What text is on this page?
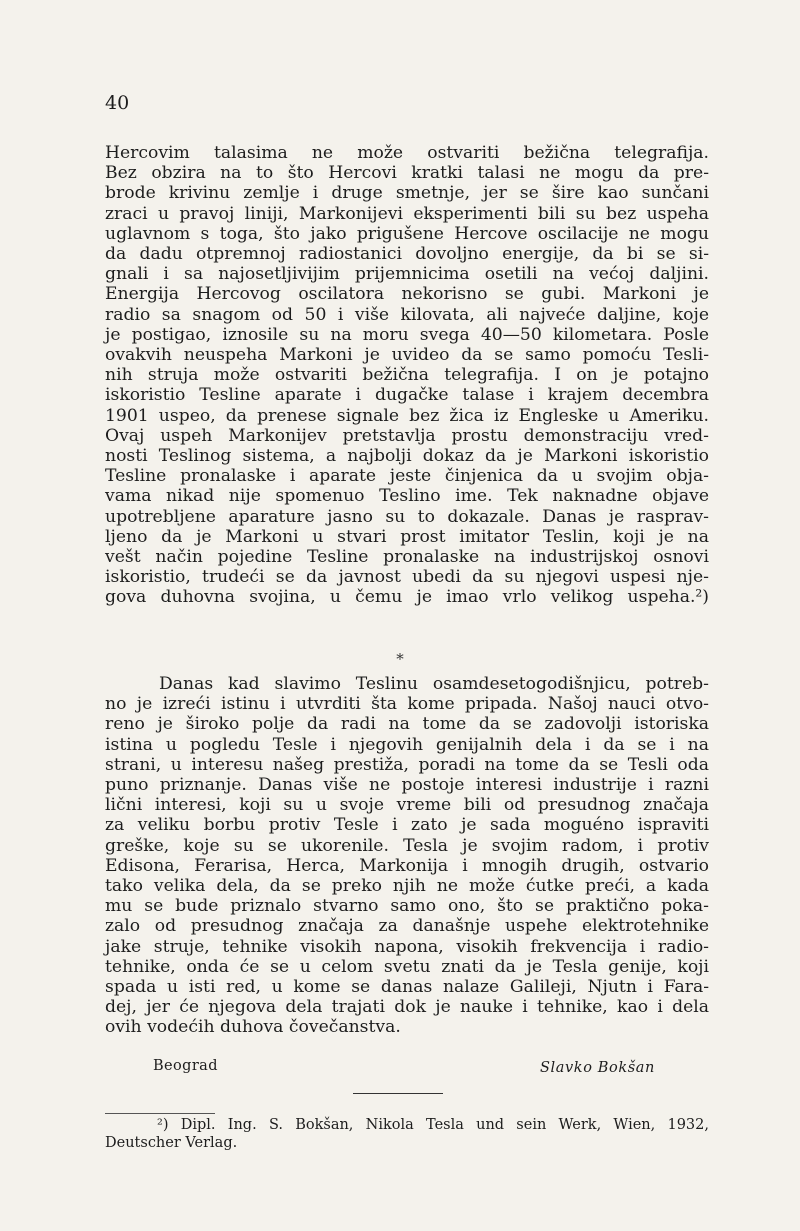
40
Hercovim talasima ne može ostvariti bežična telegrafija.
Bez obzira na to što Hercovi kratki talasi ne mogu da pre-
brode krivinu zemlje i druge smetnje, jer se šire kao sunčani
zraci u pravoj liniji, Markonijevi eksperimenti bili su bez uspeha
uglavnom s toga, što jako prigušene Hercove oscilacije ne mogu
da dadu otpremnoj radiostanici dovoljno energije, da bi se si-
gnali i sa najosetljivijim prijemnicima osetili na većoj daljini.
Energija Hercovog oscilatora nekorisno se gubi. Markoni je
radio sa snagom od 50 i više kilovata, ali najveće daljine, koje
je postigao, iznosile su na moru svega 40—50 kilometara. Posle
ovakvih neuspeha Markoni je uvideo da se samo pomoću Tesli-
nih struja može ostvariti bežična telegrafija. I on je potajno
iskoristio Tesline aparate i dugačke talase i krajem decembra
1901 uspeo, da prenese signale bez žica iz Engleske u Ameriku.
Ovaj uspeh Markonijev pretstavlja prostu demonstraciju vred-
nosti Teslinog sistema, a najbolji dokaz da je Markoni iskoristio
Tesline pronalaske i aparate jeste činjenica da u svojim obja-
vama nikad nije spomenuo Teslino ime. Tek naknadne objave
upotrebljene aparature jasno su to dokazale. Danas je rasprav-
ljeno da je Markoni u stvari prost imitator Teslin, koji je na
vešt način pojedine Tesline pronalaske na industrijskoj osnovi
iskoristio, trudeći se da javnost ubedi da su njegovi uspesi nje-
gova duhovna svojina, u čemu je imao vrlo velikog uspeha.²)
*
Danas kad slavimo Teslinu osamdesetogodišnjicu, potreb-
no je izreći istinu i utvrditi šta kome pripada. Našoj nauci otvo-
reno je široko polje da radi na tome da se zadovolji istoriska
istina u pogledu Tesle i njegovih genijalnih dela i da se i na
strani, u interesu našeg prestiža, poradi na tome da se Tesli oda
puno priznanje. Danas više ne postoje interesi industrije i razni
lični interesi, koji su u svoje vreme bili od presudnog značaja
za veliku borbu protiv Tesle i zato je sada moguéno ispraviti
greške, koje su se ukorenile. Tesla je svojim radom, i protiv
Edisona, Ferarisa, Herca, Markonija i mnogih drugih, ostvario
tako velika dela, da se preko njih ne može ćutke preći, a kada
mu se bude priznalo stvarno samo ono, što se praktično poka-
zalo od presudnog značaja za današnje uspehe elektrotehnike
jake struje, tehnike visokih napona, visokih frekvencija i radio-
tehnike, onda će se u celom svetu znati da je Tesla genije, koji
spada u isti red, u kome se danas nalaze Galileji, Njutn i Fara-
dej, jer će njegova dela trajati dok je nauke i tehnike, kao i dela
ovih vodećih duhova čovečanstva.
Beograd	Slavko Bokšan
²) Dipl. Ing. S. Bokšan, Nikola Tesla und sein Werk, Wien, 1932,
Deutscher Verlag.
